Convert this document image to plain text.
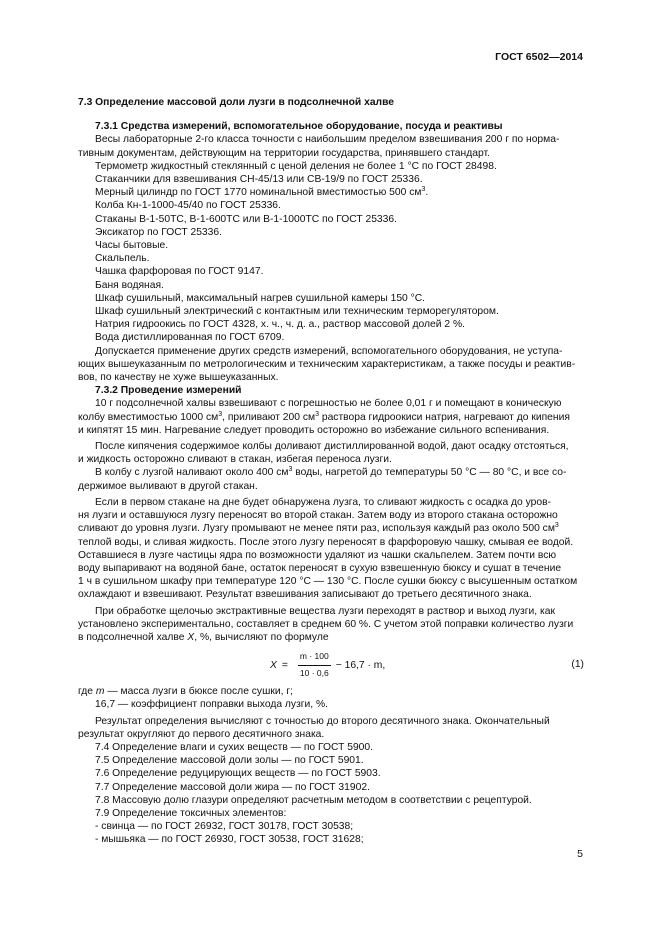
ГОСТ 6502—2014
7.3 Определение массовой доли лузги в подсолнечной халве
7.3.1 Средства измерений, вспомогательное оборудование, посуда и реактивы
Весы лабораторные 2-го класса точности с наибольшим пределом взвешивания 200 г по норма-
тивным документам, действующим на территории государства, принявшего стандарт.
Термометр жидкостный стеклянный с ценой деления не более 1 °С по ГОСТ 28498.
Стаканчики для взвешивания СН-45/13 или СВ-19/9 по ГОСТ 25336.
Мерный цилиндр по ГОСТ 1770 номинальной вместимостью 500 $см^3$.
Колба Кн-1-1000-45/40 по ГОСТ 25336.
Стаканы В-1-50ТС, В-1-600ТС или В-1-1000ТС по ГОСТ 25336.
Эксикатор по ГОСТ 25336.
Часы бытовые.
Скальпель.
Чашка фарфоровая по ГОСТ 9147.
Баня водяная.
Шкаф сушильный, максимальный нагрев сушильной камеры 150 °С.
Шкаф сушильный электрический с контактным или техническим терморегулятором.
Натрия гидроокись по ГОСТ 4328, х. ч., ч. д. а., раствор массовой долей 2 %.
Вода дистиллированная по ГОСТ 6709.
Допускается применение других средств измерений, вспомогательного оборудования, не уступа-
ющих вышеуказанным по метрологическим и техническим характеристикам, а также посуды и реактив-
вов, по качеству не хуже вышеуказанных.
7.3.2 Проведение измерений
10 г подсолнечной халвы взвешивают с погрешностью не более 0,01 г и помещают в коническую
колбу вместимостью 1000 $см^3$, приливают 200 $см^3$ раствора гидроокиси натрия, нагревают до кипения
и кипятят 15 мин. Нагревание следует проводить осторожно во избежание сильного вспенивания.
После кипячения содержимое колбы доливают дистиллированной водой, дают осадку отстояться,
и жидкость осторожно сливают в стакан, избегая переноса лузги.
В колбу с лузгой наливают около 400 $см^3$ воды, нагретой до температуры 50 °С — 80 °С, и все со-
держимое выливают в другой стакан.
Если в первом стакане на дне будет обнаружена лузга, то сливают жидкость с осадка до уров-
ня лузги и оставшуюся лузгу переносят во второй стакан. Затем воду из второго стакана осторожно
сливают до уровня лузги. Лузгу промывают не менее пяти раз, используя каждый раз около 500 $см^3$
теплой воды, и сливая жидкость. После этого лузгу переносят в фарфоровую чашку, смывая ее водой.
Оставшиеся в лузге частицы ядра по возможности удаляют из чашки скальпелем. Затем почти всю
воду выпаривают на водяной бане, остаток переносят в сухую взвешенную бюксу и сушат в течение
1 ч в сушильном шкафу при температуре 120 °С — 130 °С. После сушки бюксу с высушенным остатком
охлаждают и взвешивают. Результат взвешивания записывают до третьего десятичного знака.
При обработке щелочью экстрактивные вещества лузги переходят в раствор и выход лузги, как
установлено экспериментально, составляет в среднем 60 %. С учетом этой поправки количество лузги
в подсолнечной халве X, %, вычисляют по формуле
$X = \frac{m \cdot 100}{10 \cdot 0,6} - 16,7 \cdot m$,	(1)
где m — масса лузги в бюксе после сушки, г;
16,7 — коэффициент поправки выхода лузги, %.
Результат определения вычисляют с точностью до второго десятичного знака. Окончательный
результат округляют до первого десятичного знака.
7.4 Определение влаги и сухих веществ — по ГОСТ 5900.
7.5 Определение массовой доли золы — по ГОСТ 5901.
7.6 Определение редуцирующих веществ — по ГОСТ 5903.
7.7 Определение массовой доли жира — по ГОСТ 31902.
7.8 Массовую долю глазури определяют расчетным методом в соответствии с рецептурой.
7.9 Определение токсичных элементов:
- свинца — по ГОСТ 26932, ГОСТ 30178, ГОСТ 30538;
- мышьяка — по ГОСТ 26930, ГОСТ 30538, ГОСТ 31628;
5
